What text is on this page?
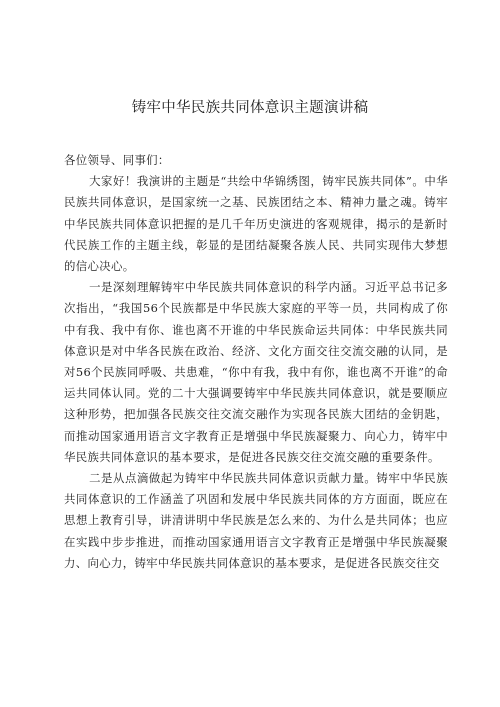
铸牢中华民族共同体意识主题演讲稿

各位领导、同事们：

大家好！我演讲的主题是“共绘中华锦绣图，铸牢民族共同体”。中华民族共同体意识，是国家统一之基、民族团结之本、精神力量之魂。铸牢中华民族共同体意识把握的是几千年历史演进的客观规律，揭示的是新时代民族工作的主题主线，彰显的是团结凝聚各族人民、共同实现伟大梦想的信心决心。

一是深刻理解铸牢中华民族共同体意识的科学内涵。习近平总书记多次指出，“我国56个民族都是中华民族大家庭的平等一员，共同构成了你中有我、我中有你、谁也离不开谁的中华民族命运共同体：中华民族共同体意识是对中华各民族在政治、经济、文化方面交往交流交融的认同，是对56个民族同呼吸、共患难，“你中有我，我中有你，谁也离不开谁”的命运共同体认同。党的二十大强调要铸牢中华民族共同体意识，就是要顺应这种形势，把加强各民族交往交流交融作为实现各民族大团结的金钥匙，而推动国家通用语言文字教育正是增强中华民族凝聚力、向心力，铸牢中华民族共同体意识的基本要求，是促进各民族交往交流交融的重要条件。

二是从点滴做起为铸牢中华民族共同体意识贡献力量。铸牢中华民族共同体意识的工作涵盖了巩固和发展中华民族共同体的方方面面，既应在思想上教育引导，讲清讲明中华民族是怎么来的、为什么是共同体；也应在实践中步步推进，而推动国家通用语言文字教育正是增强中华民族凝聚力、向心力，铸牢中华民族共同体意识的基本要求，是促进各民族交往交
